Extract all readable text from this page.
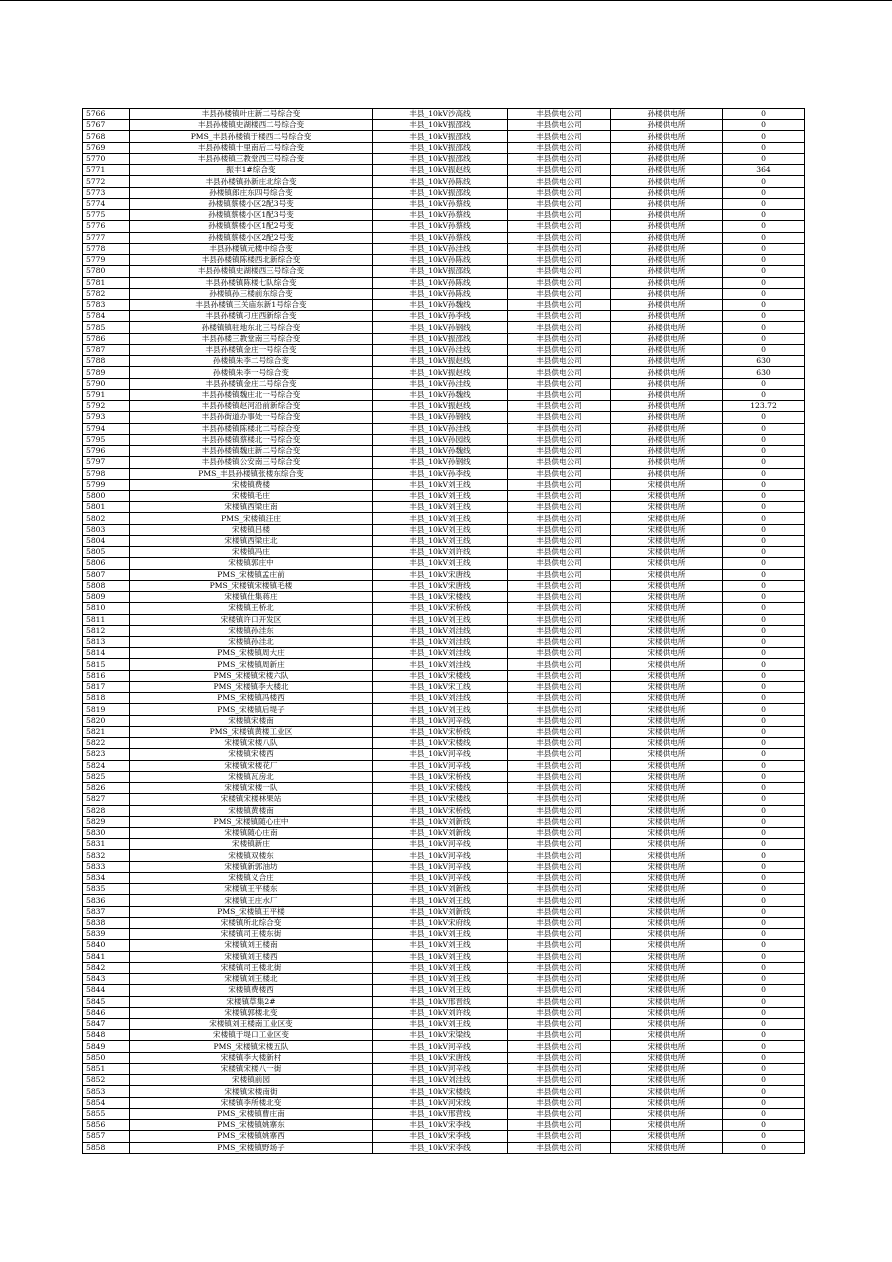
5766	丰县孙楼镇叶庄新二号综合变	丰县_10kV沙高线	丰县供电公司	孙楼供电所	0
5767	丰县孙楼镇史湖楼西二号综合变	丰县_10kV振邵线	丰县供电公司	孙楼供电所	0
5768	PMS_丰县孙楼镇于楼西二号综合变	丰县_10kV振邵线	丰县供电公司	孙楼供电所	0
5769	丰县孙楼镇十里南后二号综合变	丰县_10kV振邵线	丰县供电公司	孙楼供电所	0
5770	丰县孙楼镇三教堂西三号综合变	丰县_10kV振邵线	丰县供电公司	孙楼供电所	0
5771	振丰1#综合变	丰县_10kV振赵线	丰县供电公司	孙楼供电所	364
5772	丰县孙楼镇孙新庄北综合变	丰县_10kV孙陈线	丰县供电公司	孙楼供电所	0
5773	孙楼镇郎庄东四号综合变	丰县_10kV振邵线	丰县供电公司	孙楼供电所	0
5774	孙楼镇蔡楼小区2配3号变	丰县_10kV孙蔡线	丰县供电公司	孙楼供电所	0
5775	孙楼镇蔡楼小区1配3号变	丰县_10kV孙蔡线	丰县供电公司	孙楼供电所	0
5776	孙楼镇蔡楼小区1配2号变	丰县_10kV孙蔡线	丰县供电公司	孙楼供电所	0
5777	孙楼镇蔡楼小区2配2号变	丰县_10kV孙蔡线	丰县供电公司	孙楼供电所	0
5778	丰县孙楼镇元楼中综合变	丰县_10kV孙洼线	丰县供电公司	孙楼供电所	0
5779	丰县孙楼镇陈楼西北新综合变	丰县_10kV孙陈线	丰县供电公司	孙楼供电所	0
5780	丰县孙楼镇史湖楼西三号综合变	丰县_10kV振邵线	丰县供电公司	孙楼供电所	0
5781	丰县孙楼镇陈楼七队综合变	丰县_10kV孙陈线	丰县供电公司	孙楼供电所	0
5782	孙楼镇孙三楼前东综合变	丰县_10kV孙陈线	丰县供电公司	孙楼供电所	0
5783	丰县孙楼镇三关庙东新1号综合变	丰县_10kV孙魏线	丰县供电公司	孙楼供电所	0
5784	丰县孙楼镇刁庄西新综合变	丰县_10kV孙李线	丰县供电公司	孙楼供电所	0
5785	孙楼镇镇驻地东北三号综合变	丰县_10kV孙钢线	丰县供电公司	孙楼供电所	0
5786	丰县孙楼三教堂南三号综合变	丰县_10kV振邵线	丰县供电公司	孙楼供电所	0
5787	丰县孙楼镇金庄一号综合变	丰县_10kV孙洼线	丰县供电公司	孙楼供电所	0
5788	孙楼镇朱李二号综合变	丰县_10kV振赵线	丰县供电公司	孙楼供电所	630
5789	孙楼镇朱李一号综合变	丰县_10kV振赵线	丰县供电公司	孙楼供电所	630
5790	丰县孙楼镇金庄二号综合变	丰县_10kV孙洼线	丰县供电公司	孙楼供电所	0
5791	丰县孙楼镇魏庄北一号综合变	丰县_10kV孙魏线	丰县供电公司	孙楼供电所	0
5792	丰县孙楼镇赵河沿前新综合变	丰县_10kV振赵线	丰县供电公司	孙楼供电所	123.72
5793	丰县孙街道办事处一号综合变	丰县_10kV孙钢线	丰县供电公司	孙楼供电所	0
5794	丰县孙楼镇陈楼北二号综合变	丰县_10kV孙洼线	丰县供电公司	孙楼供电所	0
5795	丰县孙楼镇蔡楼北一号综合变	丰县_10kV孙园线	丰县供电公司	孙楼供电所	0
5796	丰县孙楼镇魏庄新二号综合变	丰县_10kV孙魏线	丰县供电公司	孙楼供电所	0
5797	丰县孙楼镇公安南三号综合变	丰县_10kV孙钢线	丰县供电公司	孙楼供电所	0
5798	PMS_丰县孙楼镇张楼东综合变	丰县_10kV孙李线	丰县供电公司	孙楼供电所	0
5799	宋楼镇费楼	丰县_10kV刘王线	丰县供电公司	宋楼供电所	0
5800	宋楼镇毛庄	丰县_10kV刘王线	丰县供电公司	宋楼供电所	0
5801	宋楼镇西梁庄南	丰县_10kV刘王线	丰县供电公司	宋楼供电所	0
5802	PMS_宋楼镇汪庄	丰县_10kV刘王线	丰县供电公司	宋楼供电所	0
5803	宋楼镇吕楼	丰县_10kV刘王线	丰县供电公司	宋楼供电所	0
5804	宋楼镇西梁庄北	丰县_10kV刘王线	丰县供电公司	宋楼供电所	0
5805	宋楼镇冯庄	丰县_10kV刘许线	丰县供电公司	宋楼供电所	0
5806	宋楼镇郭庄中	丰县_10kV刘王线	丰县供电公司	宋楼供电所	0
5807	PMS_宋楼镇孟庄前	丰县_10kV宋唐线	丰县供电公司	宋楼供电所	0
5808	PMS_宋楼镇宋楼镇毛楼	丰县_10kV宋唐线	丰县供电公司	宋楼供电所	0
5809	宋楼镇仕集蒋庄	丰县_10kV宋楼线	丰县供电公司	宋楼供电所	0
5810	宋楼镇王桥北	丰县_10kV宋桥线	丰县供电公司	宋楼供电所	0
5811	宋楼镇许口开发区	丰县_10kV刘王线	丰县供电公司	宋楼供电所	0
5812	宋楼镇孙洼东	丰县_10kV刘洼线	丰县供电公司	宋楼供电所	0
5813	宋楼镇孙洼北	丰县_10kV刘洼线	丰县供电公司	宋楼供电所	0
5814	PMS_宋楼镇周大庄	丰县_10kV刘洼线	丰县供电公司	宋楼供电所	0
5815	PMS_宋楼镇周新庄	丰县_10kV刘洼线	丰县供电公司	宋楼供电所	0
5816	PMS_宋楼镇宋楼六队	丰县_10kV宋楼线	丰县供电公司	宋楼供电所	0
5817	PMS_宋楼镇李大楼北	丰县_10kV宋工线	丰县供电公司	宋楼供电所	0
5818	PMS_宋楼镇冯楼西	丰县_10kV刘洼线	丰县供电公司	宋楼供电所	0
5819	PMS_宋楼镇后堤子	丰县_10kV刘王线	丰县供电公司	宋楼供电所	0
5820	宋楼镇宋楼南	丰县_10kV河辛线	丰县供电公司	宋楼供电所	0
5821	PMS_宋楼镇黄楼工业区	丰县_10kV宋桥线	丰县供电公司	宋楼供电所	0
5822	宋楼镇宋楼八队	丰县_10kV宋楼线	丰县供电公司	宋楼供电所	0
5823	宋楼镇宋楼西	丰县_10kV河辛线	丰县供电公司	宋楼供电所	0
5824	宋楼镇宋楼花厂	丰县_10kV河辛线	丰县供电公司	宋楼供电所	0
5825	宋楼镇瓦房北	丰县_10kV宋桥线	丰县供电公司	宋楼供电所	0
5826	宋楼镇宋楼一队	丰县_10kV宋楼线	丰县供电公司	宋楼供电所	0
5827	宋楼镇宋楼林果站	丰县_10kV宋楼线	丰县供电公司	宋楼供电所	0
5828	宋楼镇黄楼南	丰县_10kV宋桥线	丰县供电公司	宋楼供电所	0
5829	PMS_宋楼镇随心庄中	丰县_10kV刘新线	丰县供电公司	宋楼供电所	0
5830	宋楼镇随心庄南	丰县_10kV刘新线	丰县供电公司	宋楼供电所	0
5831	宋楼镇新庄	丰县_10kV河辛线	丰县供电公司	宋楼供电所	0
5832	宋楼镇双楼东	丰县_10kV河辛线	丰县供电公司	宋楼供电所	0
5833	宋楼镇新郭油坊	丰县_10kV河辛线	丰县供电公司	宋楼供电所	0
5834	宋楼镇义合庄	丰县_10kV河辛线	丰县供电公司	宋楼供电所	0
5835	宋楼镇王平楼东	丰县_10kV刘新线	丰县供电公司	宋楼供电所	0
5836	宋楼镇王庄水厂	丰县_10kV刘王线	丰县供电公司	宋楼供电所	0
5837	PMS_宋楼镇王平楼	丰县_10kV刘新线	丰县供电公司	宋楼供电所	0
5838	宋楼镇所北综合变	丰县_10kV宋府线	丰县供电公司	宋楼供电所	0
5839	宋楼镇司王楼东街	丰县_10kV刘王线	丰县供电公司	宋楼供电所	0
5840	宋楼镇刘王楼南	丰县_10kV刘王线	丰县供电公司	宋楼供电所	0
5841	宋楼镇刘王楼西	丰县_10kV刘王线	丰县供电公司	宋楼供电所	0
5842	宋楼镇司王楼北街	丰县_10kV刘王线	丰县供电公司	宋楼供电所	0
5843	宋楼镇刘王楼北	丰县_10kV刘王线	丰县供电公司	宋楼供电所	0
5844	宋楼镇费楼西	丰县_10kV刘王线	丰县供电公司	宋楼供电所	0
5845	宋楼镇草集2#	丰县_10kV邢晋线	丰县供电公司	宋楼供电所	0
5846	宋楼镇郭楼北变	丰县_10kV刘许线	丰县供电公司	宋楼供电所	0
5847	宋楼镇刘王楼南工业区变	丰县_10kV刘王线	丰县供电公司	宋楼供电所	0
5848	宋楼镇于堤口工业区变	丰县_10kV宋梁线	丰县供电公司	宋楼供电所	0
5849	PMS_宋楼镇宋楼五队	丰县_10kV河辛线	丰县供电公司	宋楼供电所	0
5850	宋楼镇李大楼新村	丰县_10kV宋唐线	丰县供电公司	宋楼供电所	0
5851	宋楼镇宋楼八一街	丰县_10kV河辛线	丰县供电公司	宋楼供电所	0
5852	宋楼镇前园	丰县_10kV刘洼线	丰县供电公司	宋楼供电所	0
5853	宋楼镇宋楼南街	丰县_10kV宋楼线	丰县供电公司	宋楼供电所	0
5854	宋楼镇李所楼北变	丰县_10kV河宋线	丰县供电公司	宋楼供电所	0
5855	PMS_宋楼镇曹庄南	丰县_10kV邢营线	丰县供电公司	宋楼供电所	0
5856	PMS_宋楼镇姚寨东	丰县_10kV宋李线	丰县供电公司	宋楼供电所	0
5857	PMS_宋楼镇姚寨西	丰县_10kV宋李线	丰县供电公司	宋楼供电所	0
5858	PMS_宋楼镇野场子	丰县_10kV宋李线	丰县供电公司	宋楼供电所	0
